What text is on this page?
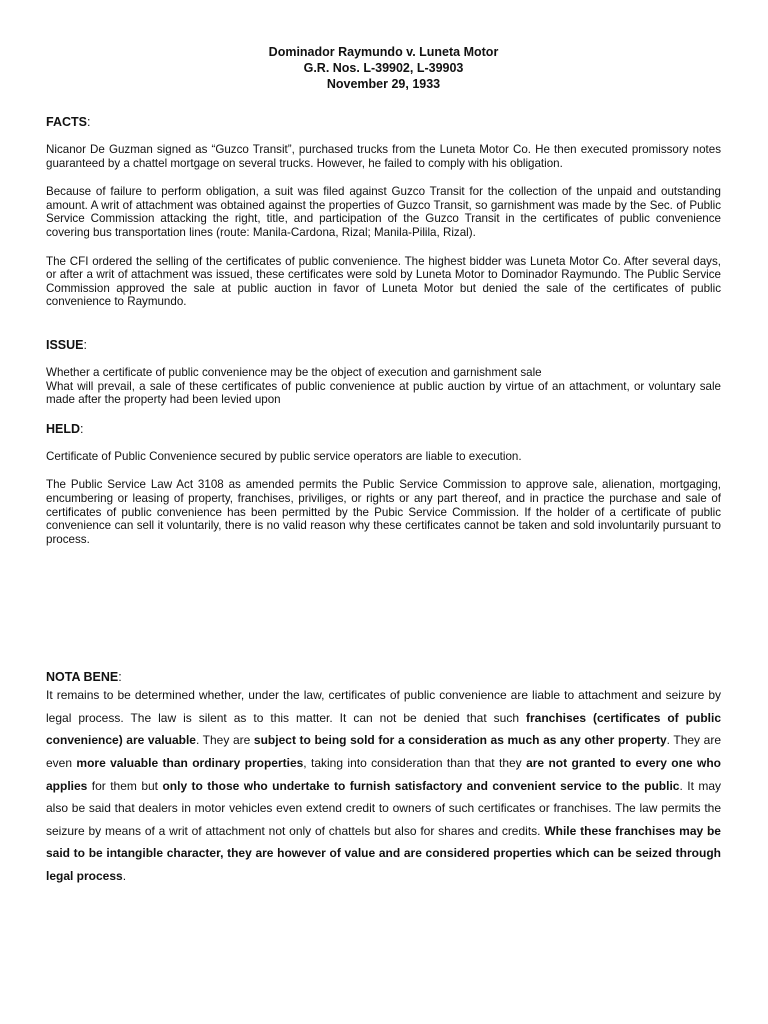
Dominador Raymundo v. Luneta Motor
G.R. Nos. L-39902, L-39903
November 29, 1933
FACTS:

Nicanor De Guzman signed as “Guzco Transit”, purchased trucks from the Luneta Motor Co. He then executed promissory notes guaranteed by a chattel mortgage on several trucks. However, he failed to comply with his obligation.

Because of failure to perform obligation, a suit was filed against Guzco Transit for the collection of the unpaid and outstanding amount. A writ of attachment was obtained against the properties of Guzco Transit, so garnishment was made by the Sec. of Public Service Commission attacking the right, title, and participation of the Guzco Transit in the certificates of public convenience covering bus transportation lines (route: Manila-Cardona, Rizal; Manila-Pilila, Rizal).

The CFI ordered the selling of the certificates of public convenience. The highest bidder was Luneta Motor Co. After several days, or after a writ of attachment was issued, these certificates were sold by Luneta Motor to Dominador Raymundo. The Public Service Commission approved the sale at public auction in favor of Luneta Motor but denied the sale of the certificates of public convenience to Raymundo.

ISSUE:

Whether a certificate of public convenience may be the object of execution and garnishment sale

What will prevail, a sale of these certificates of public convenience at public auction by virtue of an attachment, or voluntary sale made after the property had been levied upon

HELD:

Certificate of Public Convenience secured by public service operators are liable to execution.

The Public Service Law Act 3108 as amended permits the Public Service Commission to approve sale, alienation, mortgaging, encumbering or leasing of property, franchises, priviliges, or rights or any part thereof, and in practice the purchase and sale of certificates of public convenience has been permitted by the Pubic Service Commission. If the holder of a certificate of public convenience can sell it voluntarily, there is no valid reason why these certificates cannot be taken and sold involuntarily pursuant to process.

NOTA BENE:

It remains to be determined whether, under the law, certificates of public convenience are liable to attachment and seizure by legal process. The law is silent as to this matter. It can not be denied that such franchises (certificates of public convenience) are valuable. They are subject to being sold for a consideration as much as any other property. They are even more valuable than ordinary properties, taking into consideration than that they are not granted to every one who applies for them but only to those who undertake to furnish satisfactory and convenient service to the public. It may also be said that dealers in motor vehicles even extend credit to owners of such certificates or franchises. The law permits the seizure by means of a writ of attachment not only of chattels but also for shares and credits. While these franchises may be said to be intangible character, they are however of value and are considered properties which can be seized through legal process.
